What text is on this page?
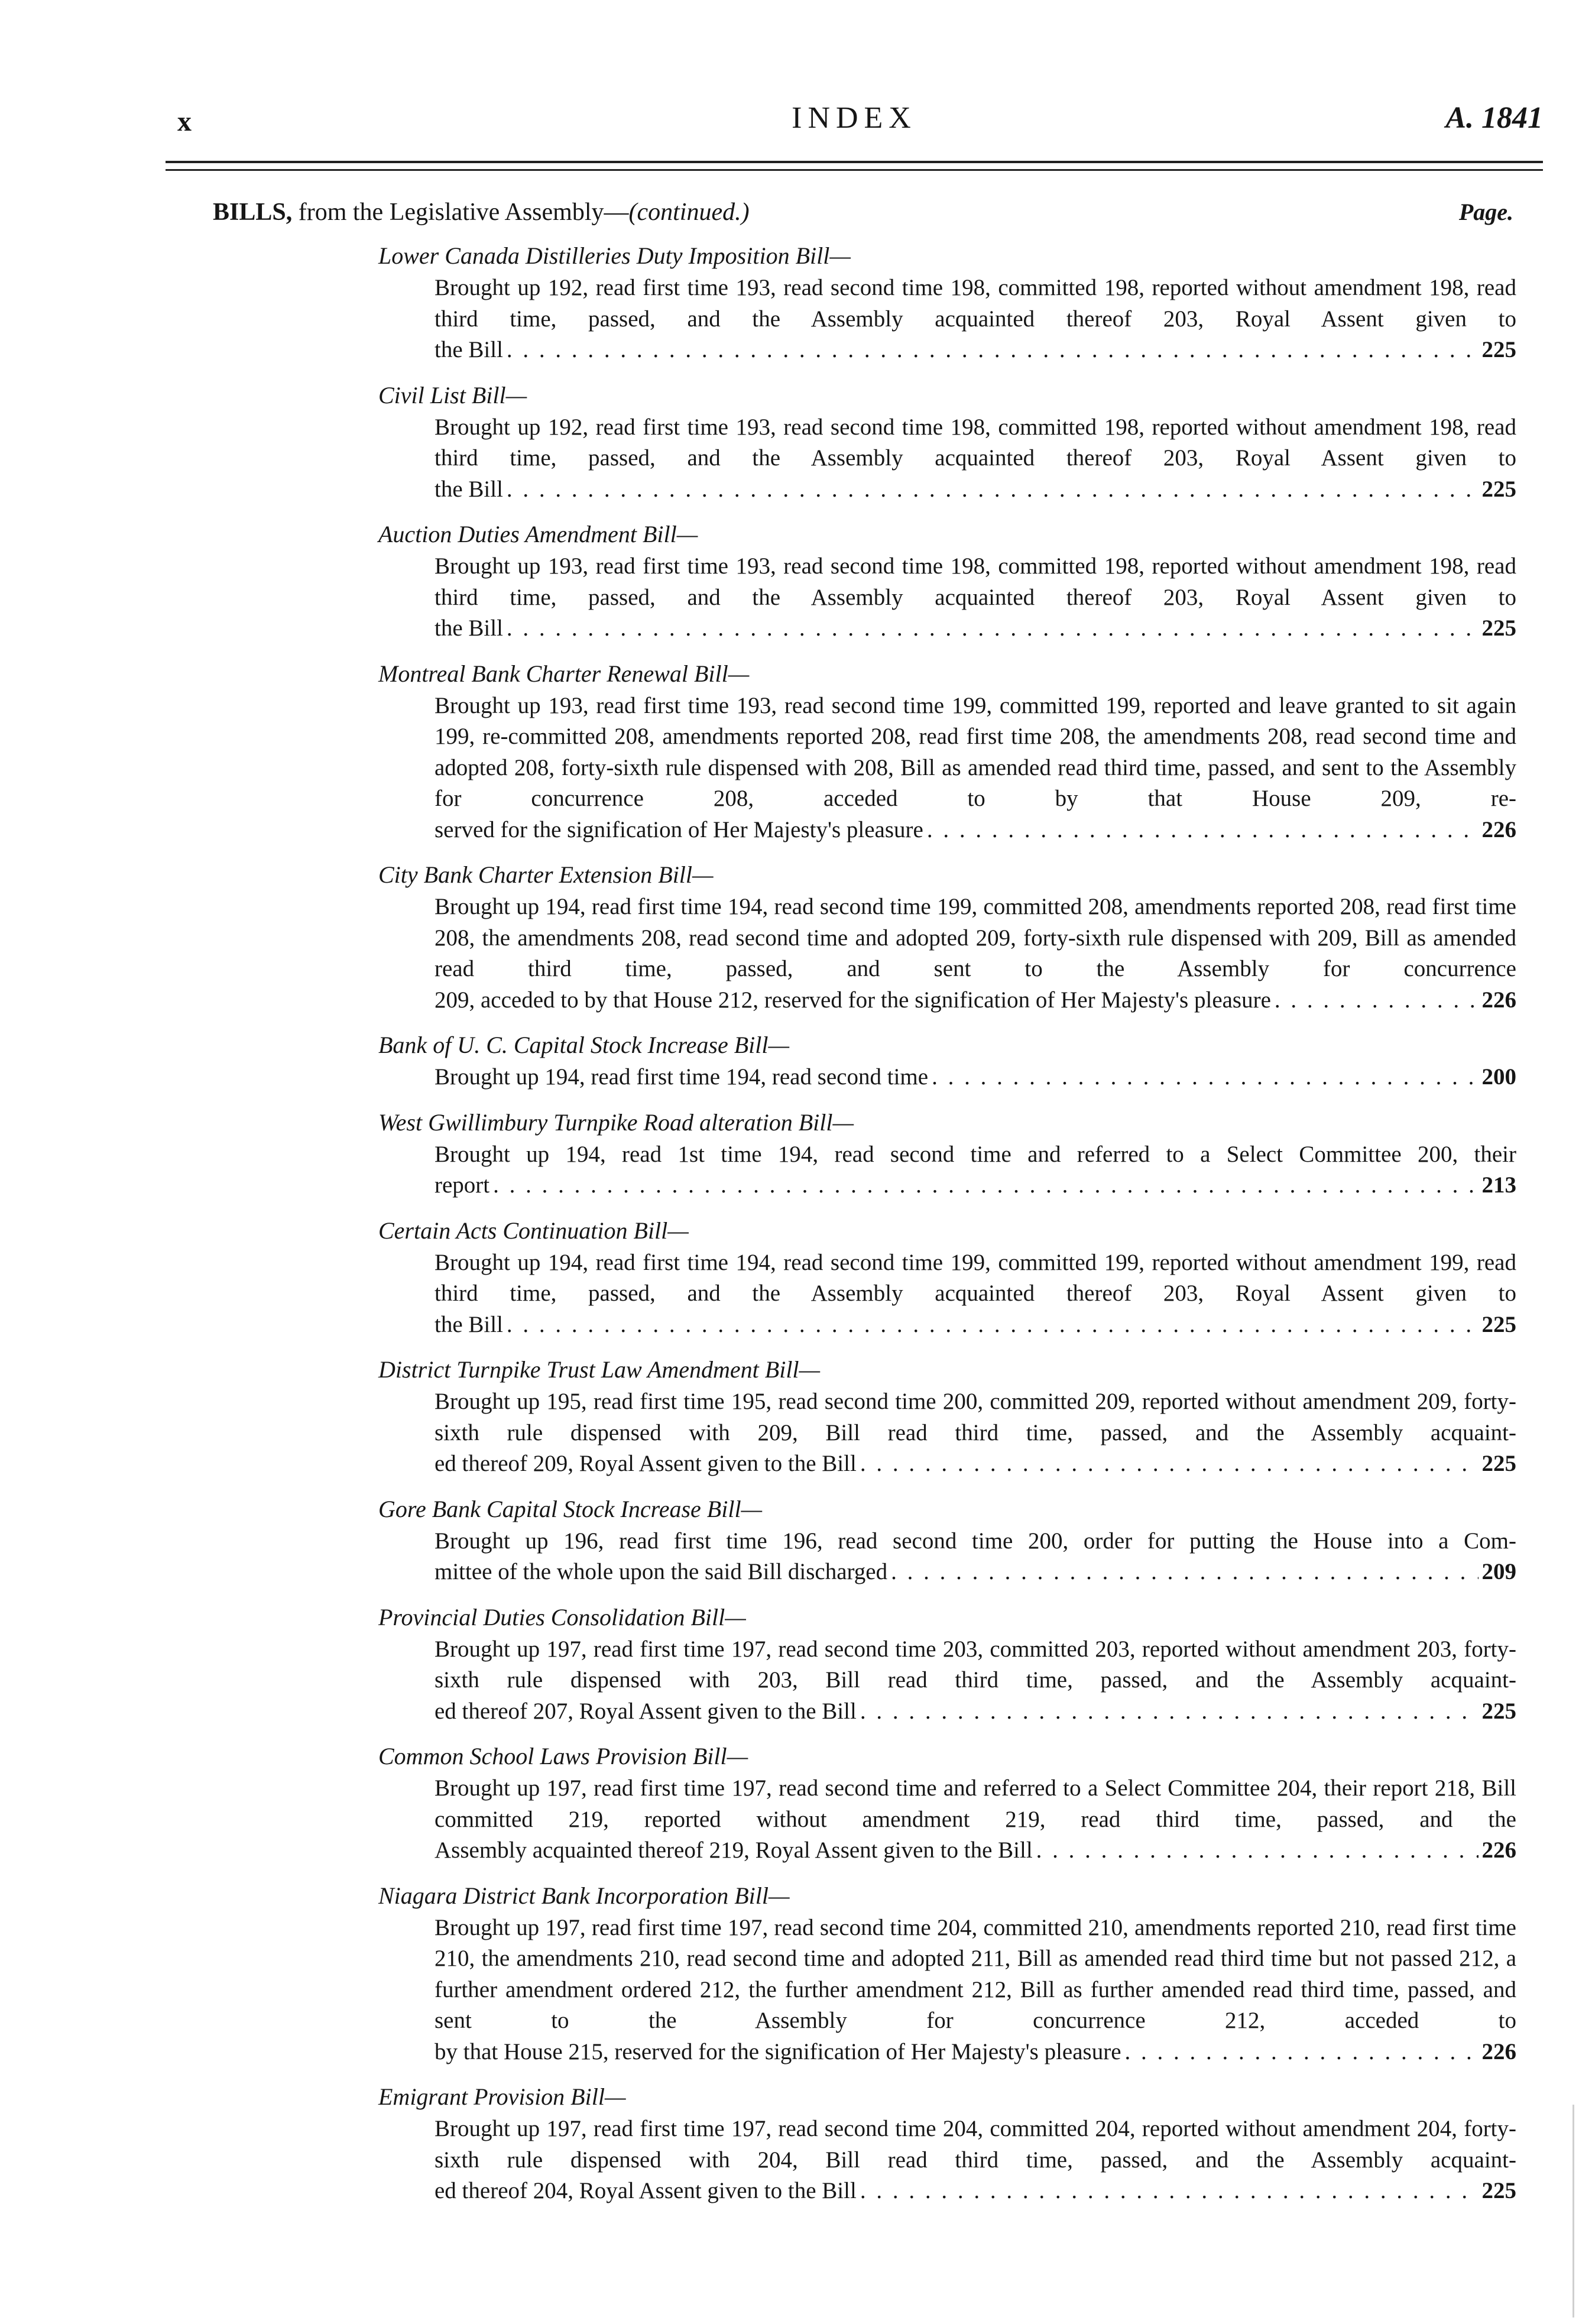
x	INDEX	A. 1841
BILLS, from the Legislative Assembly—(continued.)	Page.
Lower Canada Distilleries Duty Imposition Bill—
Brought up 192, read first time 193, read second time 198, committed 198, reported without amendment 198, read third time, passed, and the Assembly acquainted thereof 203, Royal Assent given to
the Bill . . .	225
Civil List Bill—
Brought up 192, read first time 193, read second time 198, committed 198, reported without amendment 198, read third time, passed, and the Assembly acquainted thereof 203, Royal Assent given to
the Bill . . .	225
Auction Duties Amendment Bill—
Brought up 193, read first time 193, read second time 198, committed 198, reported without amendment 198, read third time, passed, and the Assembly acquainted thereof 203, Royal Assent given to
the Bill . . .	225
Montreal Bank Charter Renewal Bill—
Brought up 193, read first time 193, read second time 199, committed 199, reported and leave granted to sit again 199, re-committed 208, amendments reported 208, read first time 208, the amendments 208, read second time and adopted 208, forty-sixth rule dispensed with 208, Bill as amended read third time, passed, and sent to the Assembly for concurrence 208, acceded to by that House 209, re-
served for the signification of Her Majesty's pleasure . . .	226
City Bank Charter Extension Bill—
Brought up 194, read first time 194, read second time 199, committed 208, amendments reported 208, read first time 208, the amendments 208, read second time and adopted 209, forty-sixth rule dispensed with 209, Bill as amended read third time, passed, and sent to the Assembly for concurrence
209, acceded to by that House 212, reserved for the signification of Her Majesty's pleasure . . .	226
Bank of U. C. Capital Stock Increase Bill—
Brought up 194, read first time 194, read second time . . .	200
West Gwillimbury Turnpike Road alteration Bill—
Brought up 194, read 1st time 194, read second time and referred to a Select Committee 200, their
report . . .	213
Certain Acts Continuation Bill—
Brought up 194, read first time 194, read second time 199, committed 199, reported without amendment 199, read third time, passed, and the Assembly acquainted thereof 203, Royal Assent given to
the Bill . . .	225
District Turnpike Trust Law Amendment Bill—
Brought up 195, read first time 195, read second time 200, committed 209, reported without amendment 209, forty-sixth rule dispensed with 209, Bill read third time, passed, and the Assembly acquaint-
ed thereof 209, Royal Assent given to the Bill . . .	225
Gore Bank Capital Stock Increase Bill—
Brought up 196, read first time 196, read second time 200, order for putting the House into a Com-
mittee of the whole upon the said Bill discharged . . .	209
Provincial Duties Consolidation Bill—
Brought up 197, read first time 197, read second time 203, committed 203, reported without amendment 203, forty-sixth rule dispensed with 203, Bill read third time, passed, and the Assembly acquaint-
ed thereof 207, Royal Assent given to the Bill . . .	225
Common School Laws Provision Bill—
Brought up 197, read first time 197, read second time and referred to a Select Committee 204, their report 218, Bill committed 219, reported without amendment 219, read third time, passed, and the
Assembly acquainted thereof 219, Royal Assent given to the Bill . . .	226
Niagara District Bank Incorporation Bill—
Brought up 197, read first time 197, read second time 204, committed 210, amendments reported 210, read first time 210, the amendments 210, read second time and adopted 211, Bill as amended read third time but not passed 212, a further amendment ordered 212, the further amendment 212, Bill as further amended read third time, passed, and sent to the Assembly for concurrence 212, acceded to
by that House 215, reserved for the signification of Her Majesty's pleasure . . .	226
Emigrant Provision Bill—
Brought up 197, read first time 197, read second time 204, committed 204, reported without amendment 204, forty-sixth rule dispensed with 204, Bill read third time, passed, and the Assembly acquaint-
ed thereof 204, Royal Assent given to the Bill . . .	225
